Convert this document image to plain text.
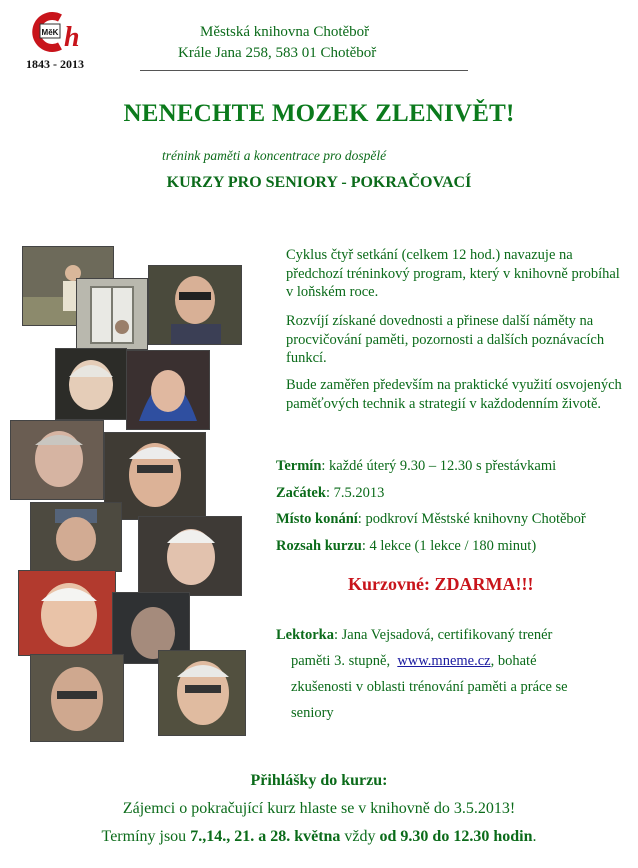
MěK h
1843 - 2013
Městská knihovna Chotěboř
Krále Jana 258, 583 01 Chotěboř
NENECHTE MOZEK ZLENIVĚT!
trénink paměti a koncentrace pro dospělé
KURZY PRO SENIORY - POKRAČOVACÍ
Cyklus čtyř setkání (celkem 12 hod.) navazuje na předchozí tréninkový program, který v knihovně probíhal v loňském roce.
Rozvíjí získané dovednosti a přinese další náměty na procvičování paměti, pozornosti a dalších poznávacích funkcí.
Bude zaměřen především na praktické využití osvojených paměťových technik a strategií v každodenním životě.
Termín: každé úterý 9.30 – 12.30 s přestávkami
Začátek: 7.5.2013
Místo konání: podkroví Městské knihovny Chotěboř
Rozsah kurzu: 4 lekce (1 lekce / 180 minut)
Kurzovné: ZDARMA!!!
Lektorka: Jana Vejsadová, certifikovaný trenér
paměti 3. stupně, www.mneme.cz, bohaté
zkušenosti v oblasti trénování paměti a práce se
seniory
Přihlášky do kurzu:
Zájemci o pokračující kurz hlaste se v knihovně do 3.5.2013!
Termíny jsou 7.,14., 21. a 28. května vždy od 9.30 do 12.30 hodin.
